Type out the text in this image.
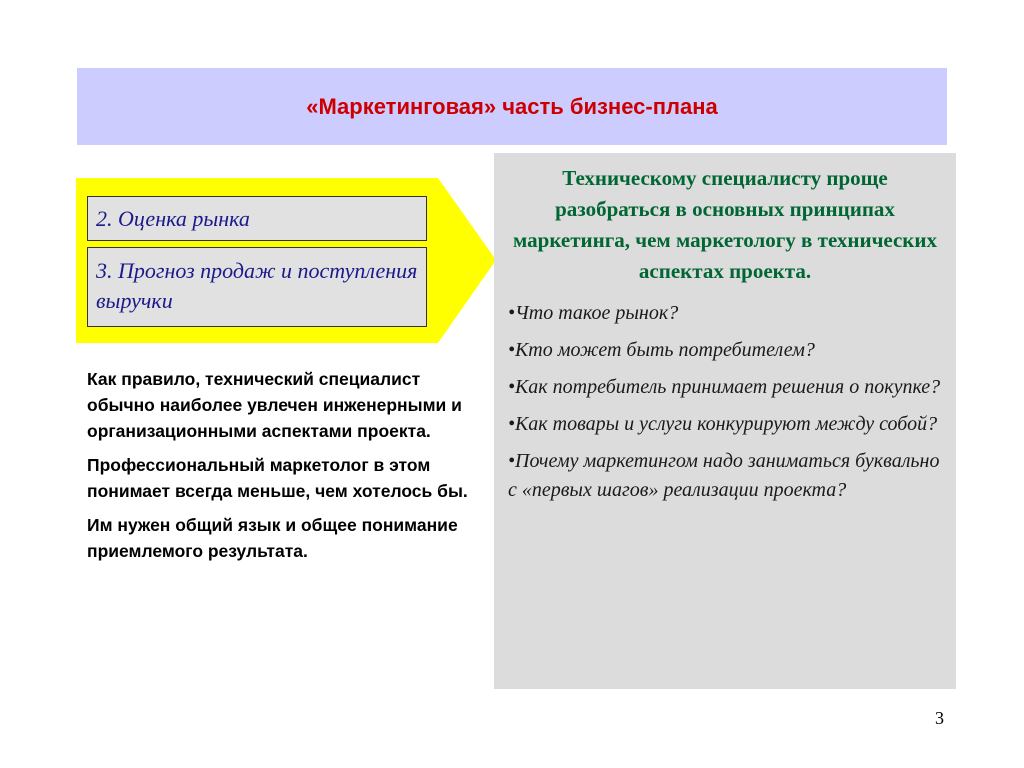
«Маркетинговая» часть бизнес-плана
2. Оценка рынка
3. Прогноз продаж и поступления выручки

Как правило, технический специалист обычно наиболее увлечен инженерными и организационными аспектами проекта.

Профессиональный маркетолог в этом понимает всегда меньше, чем хотелось бы.

Им нужен общий язык и общее понимание приемлемого результата.

Техническому специалисту проще разобраться в основных принципах маркетинга, чем маркетологу в технических аспектах проекта.

•Что такое рынок?
•Кто может быть потребителем?
•Как потребитель принимает решения о покупке?
•Как товары и услуги конкурируют между собой?
•Почему маркетингом надо заниматься буквально с «первых шагов» реализации проекта?
3
